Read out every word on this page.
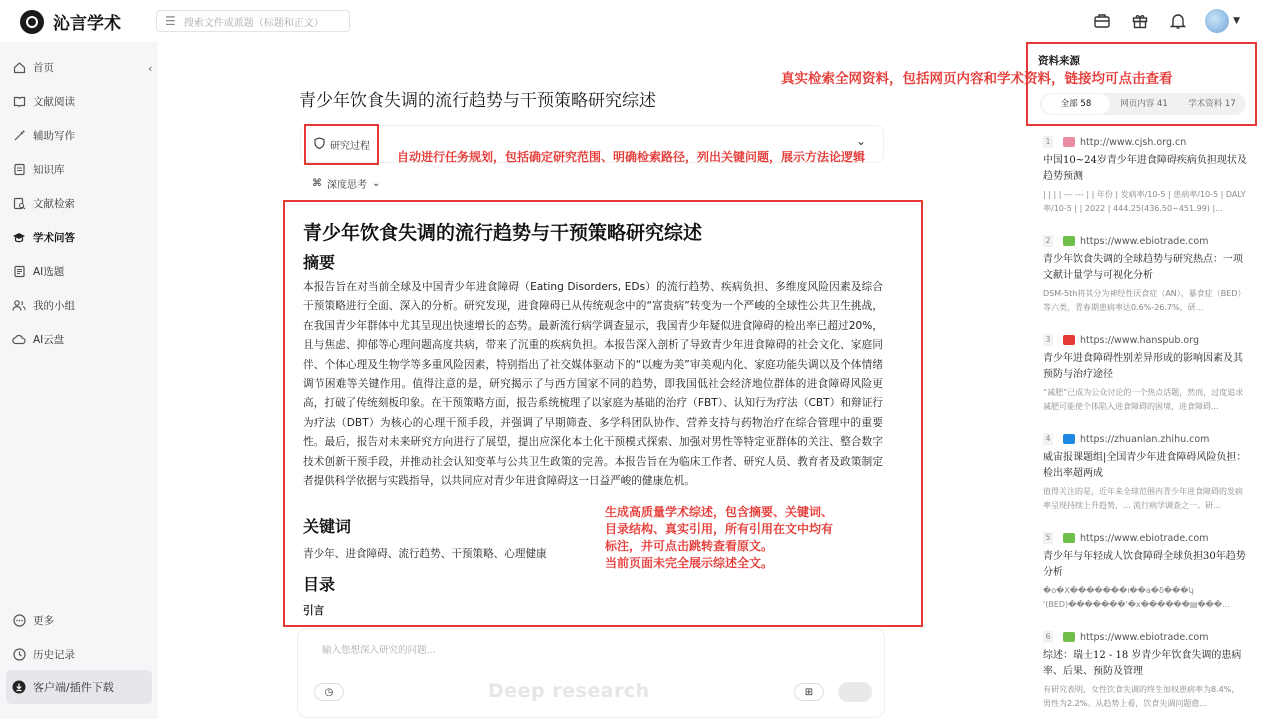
沁言学术	☰ 搜索文件或派题（标题和正文）	▼
‹
首页
文献阅读
辅助写作
知识库
文献检索
学术问答
AI选题
我的小组
AI云盘
更多
历史记录
客户端/插件下载
青少年饮食失调的流行趋势与干预策略研究综述
研究过程	⌄
自动进行任务规划，包括确定研究范围、明确检索路径，列出关键问题，展示方法论逻辑
⌘ 深度思考 ⌄
青少年饮食失调的流行趋势与干预策略研究综述
摘要
本报告旨在对当前全球及中国青少年进食障碍（Eating Disorders, EDs）的流行趋势、疾病负担、多维度风险因素及综合干预策略进行全面、深入的分析。研究发现，进食障碍已从传统观念中的“富贵病”转变为一个严峻的全球性公共卫生挑战，在我国青少年群体中尤其呈现出快速增长的态势。最新流行病学调查显示，我国青少年疑似进食障碍的检出率已超过20%，且与焦虑、抑郁等心理问题高度共病，带来了沉重的疾病负担。本报告深入剖析了导致青少年进食障碍的社会文化、家庭同伴、个体心理及生物学等多重风险因素，特别指出了社交媒体驱动下的“以瘦为美”审美观内化、家庭功能失调以及个体情绪调节困难等关键作用。值得注意的是，研究揭示了与西方国家不同的趋势，即我国低社会经济地位群体的进食障碍风险更高，打破了传统刻板印象。在干预策略方面，报告系统梳理了以家庭为基础的治疗（FBT）、认知行为疗法（CBT）和辩证行为疗法（DBT）为核心的心理干预手段，并强调了早期筛查、多学科团队协作、营养支持与药物治疗在综合管理中的重要性。最后，报告对未来研究方向进行了展望，提出应深化本土化干预模式探索、加强对男性等特定亚群体的关注、整合数字技术创新干预手段，并推动社会认知变革与公共卫生政策的完善。本报告旨在为临床工作者、研究人员、教育者及政策制定者提供科学依据与实践指导，以共同应对青少年进食障碍这一日益严峻的健康危机。
关键词
青少年、进食障碍、流行趋势、干预策略、心理健康
目录
引言
生成高质量学术综述，包含摘要、关键词、
目录结构、真实引用，所有引用在文中均有
标注，并可点击跳转查看原文。
当前页面未完全展示综述全文。
输入您想深入研究的问题...
◷	Deep research	⊞
真实检索全网资料，包括网页内容和学术资料，链接均可点击查看
资料来源
全部 58	网页内容 41	学术资料 17
1	http://www.cjsh.org.cn
中国10~24岁青少年进食障碍疾病负担现状及趋势预测
| | | | --- --- | | 年份 | 发病率/10-5 | 患病率/10-5 | DALY率/10-5 | | 2022 | 444.25(436.50~451.99) |...
2	https://www.ebiotrade.com
青少年饮食失调的全球趋势与研究热点：一项文献计量学与可视化分析
DSM-5th将其分为神经性厌食症（AN）、暴食症（BED）等六类，青春期患病率达0.6%-26.7%，研...
3	https://www.hanspub.org
青少年进食障碍性别差异形成的影响因素及其预防与治疗途径
“减肥”已成为公众讨论的一个热点话题，然而，过度追求减肥可能使个体陷入进食障碍的困境，进食障碍...
4	https://zhuanlan.zhihu.com
威宙报课题组|全国青少年进食障碍风险负担：检出率超两成
值得关注的是，近年来全球范围内青少年进食障碍的发病率呈现持续上升趋势，... 流行病学调查之一。研...
5	https://www.ebiotrade.com
青少年与年轻成人饮食障碍全球负担30年趋势分析
�o�X�������ı��a�δ���ʮ '(BED)�������'�x������▤���...
6	https://www.ebiotrade.com
综述：瑞士12 - 18 岁青少年饮食失调的患病率、后果、预防及管理
有研究表明，女性饮食失调的终生加权患病率为8.4%，男性为2.2%。从趋势上看，饮食失调问题愈...
